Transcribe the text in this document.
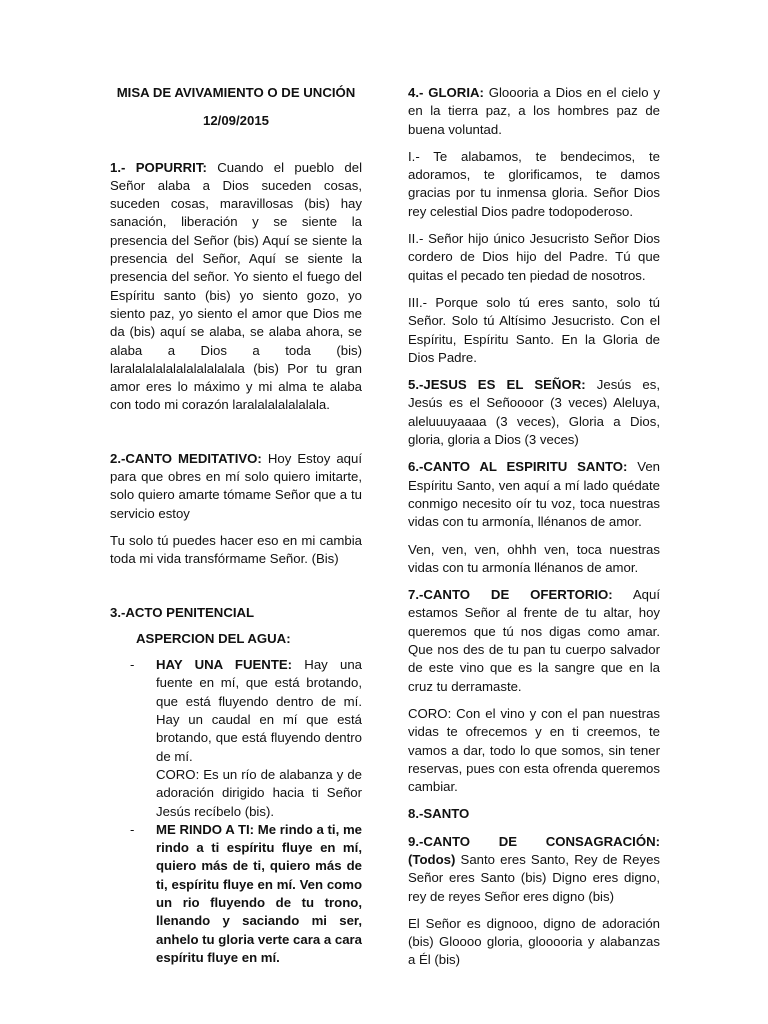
MISA DE AVIVAMIENTO O DE UNCIÓN

12/09/2015

1.- POPURRIT: Cuando el pueblo del Señor alaba a Dios suceden cosas, suceden cosas, maravillosas (bis) hay sanación, liberación y se siente la presencia del Señor (bis) Aquí se siente la presencia del Señor, Aquí se siente la presencia del señor. Yo siento el fuego del Espíritu santo (bis) yo siento gozo, yo siento paz, yo siento el amor que Dios me da (bis) aquí se alaba, se alaba ahora, se alaba a Dios a toda (bis) laralalalalalalalalalalala (bis) Por tu gran amor eres lo máximo y mi alma te alaba con todo mi corazón laralalalalalalala.

2.-CANTO MEDITATIVO: Hoy Estoy aquí para que obres en mí solo quiero imitarte, solo quiero amarte tómame Señor que a tu servicio estoy

Tu solo tú puedes hacer eso en mi cambia toda mi vida transfórmame Señor. (Bis)

3.-ACTO PENITENCIAL

ASPERCION DEL AGUA:

- HAY UNA FUENTE: Hay una fuente en mí, que está brotando, que está fluyendo dentro de mí. Hay un caudal en mí que está brotando, que está fluyendo dentro de mí.

CORO: Es un río de alabanza y de adoración dirigido hacia ti Señor Jesús recíbelo (bis).

- ME RINDO A TI: Me rindo a ti, me rindo a ti espíritu fluye en mí, quiero más de ti, quiero más de ti, espíritu fluye en mí. Ven como un rio fluyendo de tu trono, llenando y saciando mi ser, anhelo tu gloria verte cara a cara espíritu fluye en mí.

4.- GLORIA: Gloooria a Dios en el cielo y en la tierra paz, a los hombres paz de buena voluntad.

I.- Te alabamos, te bendecimos, te adoramos, te glorificamos, te damos gracias por tu inmensa gloria. Señor Dios rey celestial Dios padre todopoderoso.

II.- Señor hijo único Jesucristo Señor Dios cordero de Dios hijo del Padre. Tú que quitas el pecado ten piedad de nosotros.

III.- Porque solo tú eres santo, solo tú Señor. Solo tú Altísimo Jesucristo. Con el Espíritu, Espíritu Santo. En la Gloria de Dios Padre.

5.-JESUS ES EL SEÑOR: Jesús es, Jesús es el Señoooor (3 veces) Aleluya, aleluuuyaaaa (3 veces), Gloria a Dios, gloria, gloria a Dios (3 veces)

6.-CANTO AL ESPIRITU SANTO: Ven Espíritu Santo, ven aquí a mí lado quédate conmigo necesito oír tu voz, toca nuestras vidas con tu armonía, llénanos de amor.

Ven, ven, ven, ohhh ven, toca nuestras vidas con tu armonía llénanos de amor.

7.-CANTO DE OFERTORIO: Aquí estamos Señor al frente de tu altar, hoy queremos que tú nos digas como amar. Que nos des de tu pan tu cuerpo salvador de este vino que es la sangre que en la cruz tu derramaste.

CORO: Con el vino y con el pan nuestras vidas te ofrecemos y en ti creemos, te vamos a dar, todo lo que somos, sin tener reservas, pues con esta ofrenda queremos cambiar.

8.-SANTO

9.-CANTO DE CONSAGRACIÓN: (Todos) Santo eres Santo, Rey de Reyes Señor eres Santo (bis) Digno eres digno, rey de reyes Señor eres digno (bis)

El Señor es dignooo, digno de adoración (bis) Gloooo gloria, glooooria y alabanzas a Él (bis)
